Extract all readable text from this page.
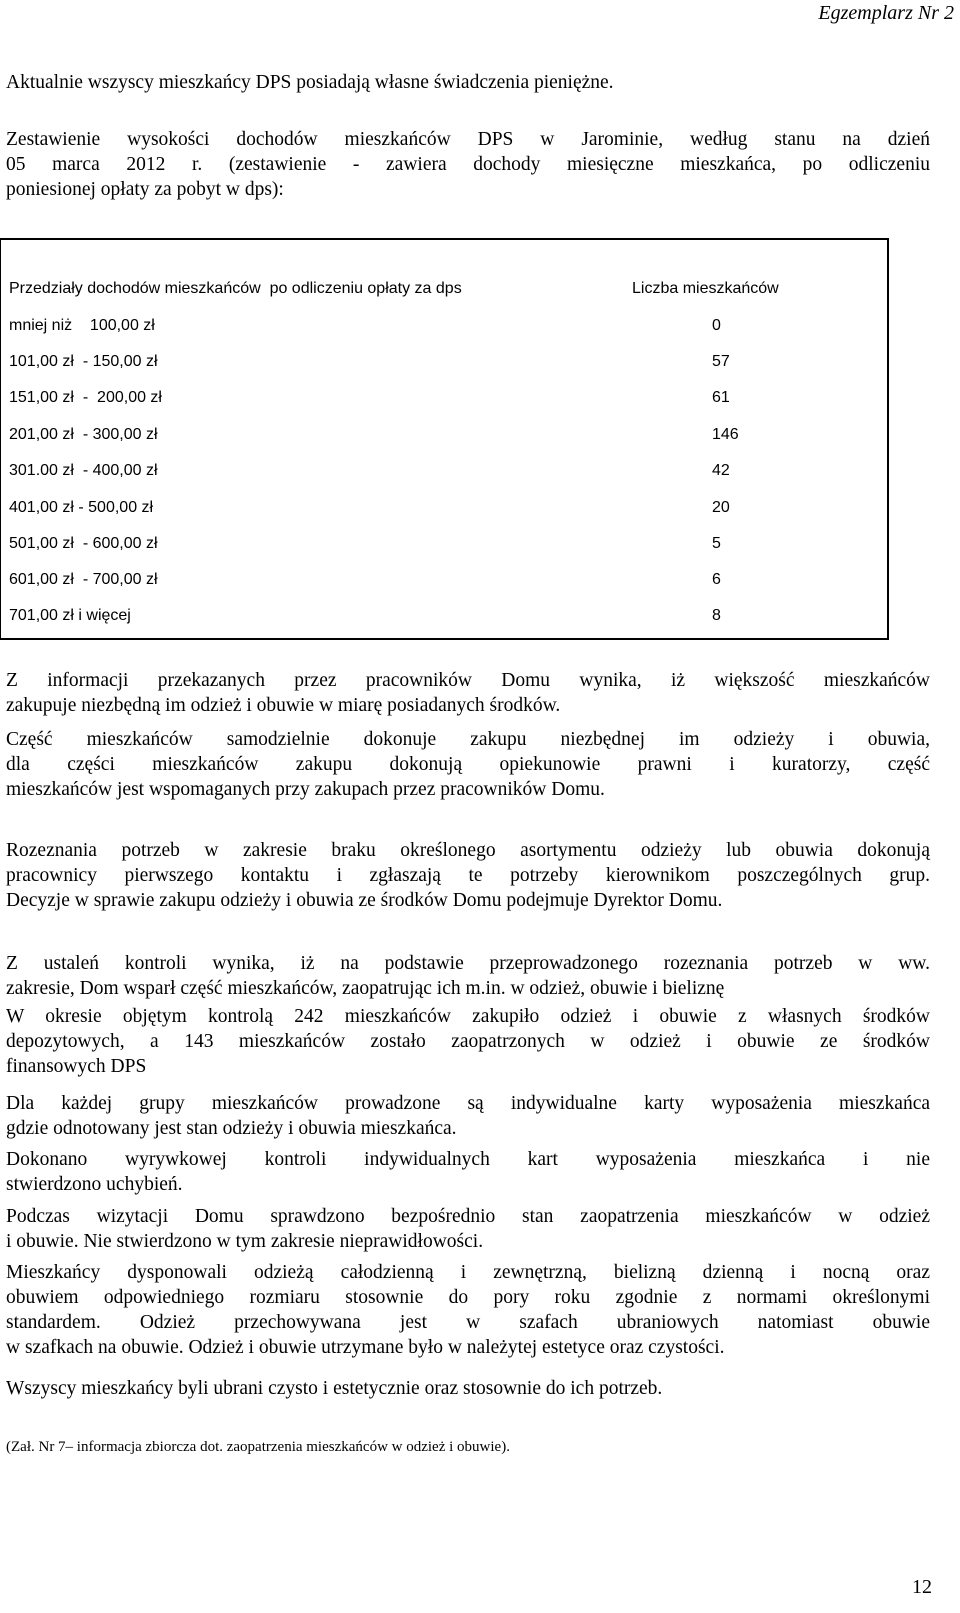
Egzemplarz Nr 2
Aktualnie wszyscy mieszkańcy DPS posiadają własne świadczenia pieniężne.
Zestawienie wysokości dochodów mieszkańców DPS w Jarominie, według stanu na dzień
05 marca 2012 r. (zestawienie - zawiera dochody miesięczne mieszkańca, po odliczeniu
poniesionej opłaty za pobyt w dps):
Przedziały dochodów mieszkańców  po odliczeniu opłaty za dps	Liczba mieszkańców
mniej niż    100,00 zł	0
101,00 zł  - 150,00 zł	57
151,00 zł  -  200,00 zł	61
201,00 zł  - 300,00 zł	146
301.00 zł  - 400,00 zł	42
401,00 zł - 500,00 zł	20
501,00 zł  - 600,00 zł	5
601,00 zł  - 700,00 zł	6
701,00 zł i więcej	8
Z informacji przekazanych przez pracowników Domu wynika, iż większość mieszkańców
zakupuje niezbędną im odzież i obuwie w miarę posiadanych środków.
Część mieszkańców samodzielnie dokonuje zakupu niezbędnej im odzieży i obuwia,
dla części mieszkańców zakupu dokonują opiekunowie prawni i kuratorzy, część
mieszkańców jest wspomaganych przy zakupach przez pracowników Domu.
Rozeznania potrzeb w zakresie braku określonego asortymentu odzieży lub obuwia dokonują
pracownicy pierwszego kontaktu i zgłaszają te potrzeby kierownikom poszczególnych grup.
Decyzje w sprawie zakupu odzieży i obuwia ze środków Domu podejmuje Dyrektor Domu.
Z ustaleń kontroli wynika, iż na podstawie przeprowadzonego rozeznania potrzeb w ww.
zakresie, Dom wsparł część mieszkańców, zaopatrując ich m.in. w odzież, obuwie i bieliznę
W okresie objętym kontrolą 242 mieszkańców zakupiło odzież i obuwie z własnych środków
depozytowych, a 143 mieszkańców zostało zaopatrzonych w odzież i obuwie ze środków
finansowych DPS
Dla każdej grupy mieszkańców prowadzone są indywidualne karty wyposażenia mieszkańca
gdzie odnotowany jest stan odzieży i obuwia mieszkańca.
Dokonano wyrywkowej kontroli indywidualnych kart wyposażenia mieszkańca i nie
stwierdzono uchybień.
Podczas wizytacji Domu sprawdzono bezpośrednio stan zaopatrzenia mieszkańców w odzież
i obuwie. Nie stwierdzono w tym zakresie nieprawidłowości.
Mieszkańcy dysponowali odzieżą całodzienną i zewnętrzną, bielizną dzienną i nocną oraz
obuwiem odpowiedniego rozmiaru stosownie do pory roku zgodnie z normami określonymi
standardem. Odzież przechowywana jest w szafach ubraniowych natomiast obuwie
w szafkach na obuwie. Odzież i obuwie utrzymane było w należytej estetyce oraz czystości.
Wszyscy mieszkańcy byli ubrani czysto i estetycznie oraz stosownie do ich potrzeb.
(Zał. Nr 7– informacja zbiorcza dot. zaopatrzenia mieszkańców w odzież i obuwie).
12
